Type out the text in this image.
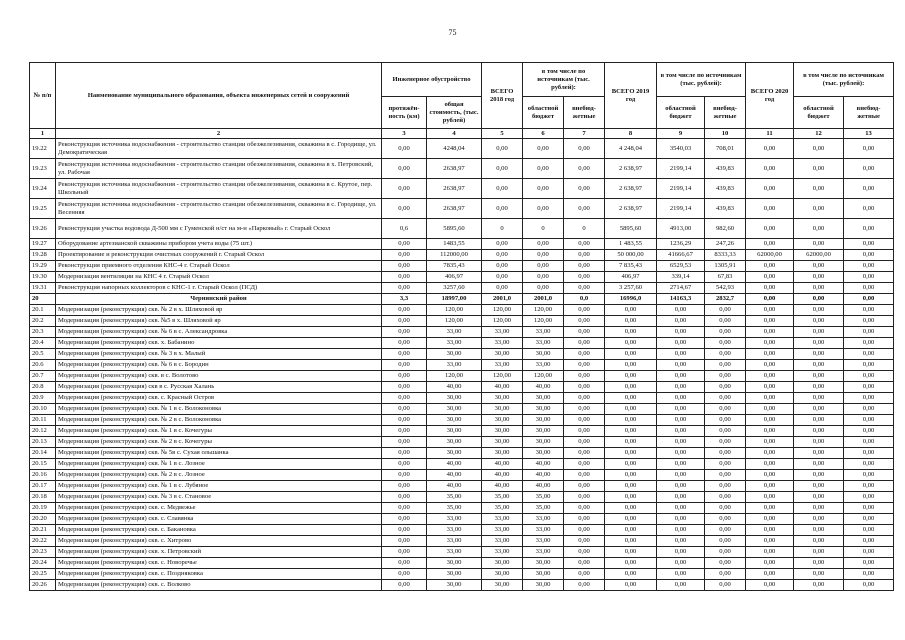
75
№ п/п	Наименование муниципального образования, объекта инженерных сетей и сооружений	Инженерное обустройство		ВСЕГО 2018 год	в том числе по источникам (тыс. рублей):		ВСЕГО 2019 год	в том числе по источникам (тыс. рублей):		ВСЕГО 2020 год	в том числе по источникам (тыс. рублей):	
		протяжён-ность (км)	общая стоимость, (тыс. рублей)		областной бюджет	внебюд-жетные		областной бюджет	внебюд-жетные		областной бюджет	внебюд-жетные
1	2	3	4	5	6	7	8	9	10	11	12	13
19.22	Реконструкция источника водоснабжения - строительство станции обезжелезивания, скважина в с. Городище, ул. Демократическая	0,00	4248,04	0,00	0,00	0,00	4 248,04	3540,03	708,01	0,00	0,00	0,00
19.23	Реконструкция источника водоснабжения - строительство станции обезжелезивания, скважина в х. Петровский, ул. Рабочая	0,00	2638,97	0,00	0,00	0,00	2 638,97	2199,14	439,83	0,00	0,00	0,00
19.24	Реконструкция источника водоснабжения - строительство станции обезжелезивания, скважина в с. Крутое, пер. Школьный	0,00	2638,97	0,00	0,00	0,00	2 638,97	2199,14	439,83	0,00	0,00	0,00
19.25	Реконструкция источника водоснабжения - строительство станции обезжелезивания, скважина в с. Городище, ул. Весенняя	0,00	2638,97	0,00	0,00	0,00	2 638,97	2199,14	439,83	0,00	0,00	0,00
19.26	Реконструкция участка водовода Д-500 мм с Гуменской н/ст на м-н «Парковый» г. Старый Оскол	0,6	5895,60	0	0	0	5895,60	4913,00	982,60	0,00	0,00	0,00
19.27	Оборудование артезианской скважины прибором учета воды (75 шт.)	0,00	1483,55	0,00	0,00	0,00	1 483,55	1236,29	247,26	0,00	0,00	0,00
19.28	Проектирование и реконструкция очистных сооружений г. Старый Оскол	0,00	112000,00	0,00	0,00	0,00	50 000,00	41666,67	8333,33	62000,00	62000,00	0,00
19.29	Реконструкция приемного отделения КНС-4 г. Старый Оскол	0,00	7835,43	0,00	0,00	0,00	7 835,43	6529,53	1305,91	0,00	0,00	0,00
19.30	Модернизация вентиляции на КНС 4 г. Старый Оскол	0,00	406,97	0,00	0,00	0,00	406,97	339,14	67,83	0,00	0,00	0,00
19.31	Реконструкция напорных коллекторов с КНС-1 г. Старый Оскол (ПСД)	0,00	3257,60	0,00	0,00	0,00	3 257,60	2714,67	542,93	0,00	0,00	0,00
20	Чернянский район	3,3	18997,00	2001,0	2001,0	0,0	16996,0	14163,3	2832,7	0,00	0,00	0,00
20.1	Модернизация (реконструкция) скв. № 2 в х. Шляховой яр	0,00	120,00	120,00	120,00	0,00	0,00	0,00	0,00	0,00	0,00	0,00
20.2	Модернизация (реконструкция) скв. №5 в х. Шляховой яр	0,00	120,00	120,00	120,00	0,00	0,00	0,00	0,00	0,00	0,00	0,00
20.3	Модернизация (реконструкция) скв. № 6 в с. Александровка	0,00	33,00	33,00	33,00	0,00	0,00	0,00	0,00	0,00	0,00	0,00
20.4	Модернизация (реконструкция) скв. х. Бабанино	0,00	33,00	33,00	33,00	0,00	0,00	0,00	0,00	0,00	0,00	0,00
20.5	Модернизация (реконструкция) скв. № 3 в х. Малый	0,00	30,00	30,00	30,00	0,00	0,00	0,00	0,00	0,00	0,00	0,00
20.6	Модернизация (реконструкция) скв. № 6 в с. Бородин	0,00	33,00	33,00	33,00	0,00	0,00	0,00	0,00	0,00	0,00	0,00
20.7	Модернизация (реконструкция) скв. в с. Волотово	0,00	120,00	120,00	120,00	0,00	0,00	0,00	0,00	0,00	0,00	0,00
20.8	Модернизация (реконструкция) скв в с. Русская Халань	0,00	40,00	40,00	40,00	0,00	0,00	0,00	0,00	0,00	0,00	0,00
20.9	Модернизация (реконструкция) скв. с. Красный Остров	0,00	30,00	30,00	30,00	0,00	0,00	0,00	0,00	0,00	0,00	0,00
20.10	Модернизация (реконструкция) скв. № 1 в с. Волоконовка	0,00	30,00	30,00	30,00	0,00	0,00	0,00	0,00	0,00	0,00	0,00
20.11	Модернизация (реконструкция) скв. № 2 в с. Волоконовка	0,00	30,00	30,00	30,00	0,00	0,00	0,00	0,00	0,00	0,00	0,00
20.12	Модернизация (реконструкция) скв. № 1 в с. Кочегуры	0,00	30,00	30,00	30,00	0,00	0,00	0,00	0,00	0,00	0,00	0,00
20.13	Модернизация (реконструкция) скв. № 2 в с. Кочегуры	0,00	30,00	30,00	30,00	0,00	0,00	0,00	0,00	0,00	0,00	0,00
20.14	Модернизация (реконструкция) скв. № 5в с. Сухая ольшанка	0,00	30,00	30,00	30,00	0,00	0,00	0,00	0,00	0,00	0,00	0,00
20.15	Модернизация (реконструкция) скв. № 1 в с. Лозное	0,00	40,00	40,00	40,00	0,00	0,00	0,00	0,00	0,00	0,00	0,00
20.16	Модернизация (реконструкция) скв. № 2 в с. Лозное	0,00	40,00	40,00	40,00	0,00	0,00	0,00	0,00	0,00	0,00	0,00
20.17	Модернизация (реконструкция) скв. № 1 в с. Лубяное	0,00	40,00	40,00	40,00	0,00	0,00	0,00	0,00	0,00	0,00	0,00
20.18	Модернизация (реконструкция) скв. № 3 в с. Становое	0,00	35,00	35,00	35,00	0,00	0,00	0,00	0,00	0,00	0,00	0,00
20.19	Модернизация (реконструкция) скв. с. Медвежье	0,00	35,00	35,00	35,00	0,00	0,00	0,00	0,00	0,00	0,00	0,00
20.20	Модернизация (реконструкция) скв. с. Славянка	0,00	33,00	33,00	33,00	0,00	0,00	0,00	0,00	0,00	0,00	0,00
20.21	Модернизация (реконструкция) скв. с. Бакановка	0,00	33,00	33,00	33,00	0,00	0,00	0,00	0,00	0,00	0,00	0,00
20.22	Модернизация (реконструкция) скв. с. Хитрово	0,00	33,00	33,00	33,00	0,00	0,00	0,00	0,00	0,00	0,00	0,00
20.23	Модернизация (реконструкция) скв. х. Петровский	0,00	33,00	33,00	33,00	0,00	0,00	0,00	0,00	0,00	0,00	0,00
20.24	Модернизация (реконструкция) скв. с. Новоречье	0,00	30,00	30,00	30,00	0,00	0,00	0,00	0,00	0,00	0,00	0,00
20.25	Модернизация (реконструкция) скв. с. Поздняковка	0,00	30,00	30,00	30,00	0,00	0,00	0,00	0,00	0,00	0,00	0,00
20.26	Модернизация (реконструкция) скв. с. Волково	0,00	30,00	30,00	30,00	0,00	0,00	0,00	0,00	0,00	0,00	0,00
